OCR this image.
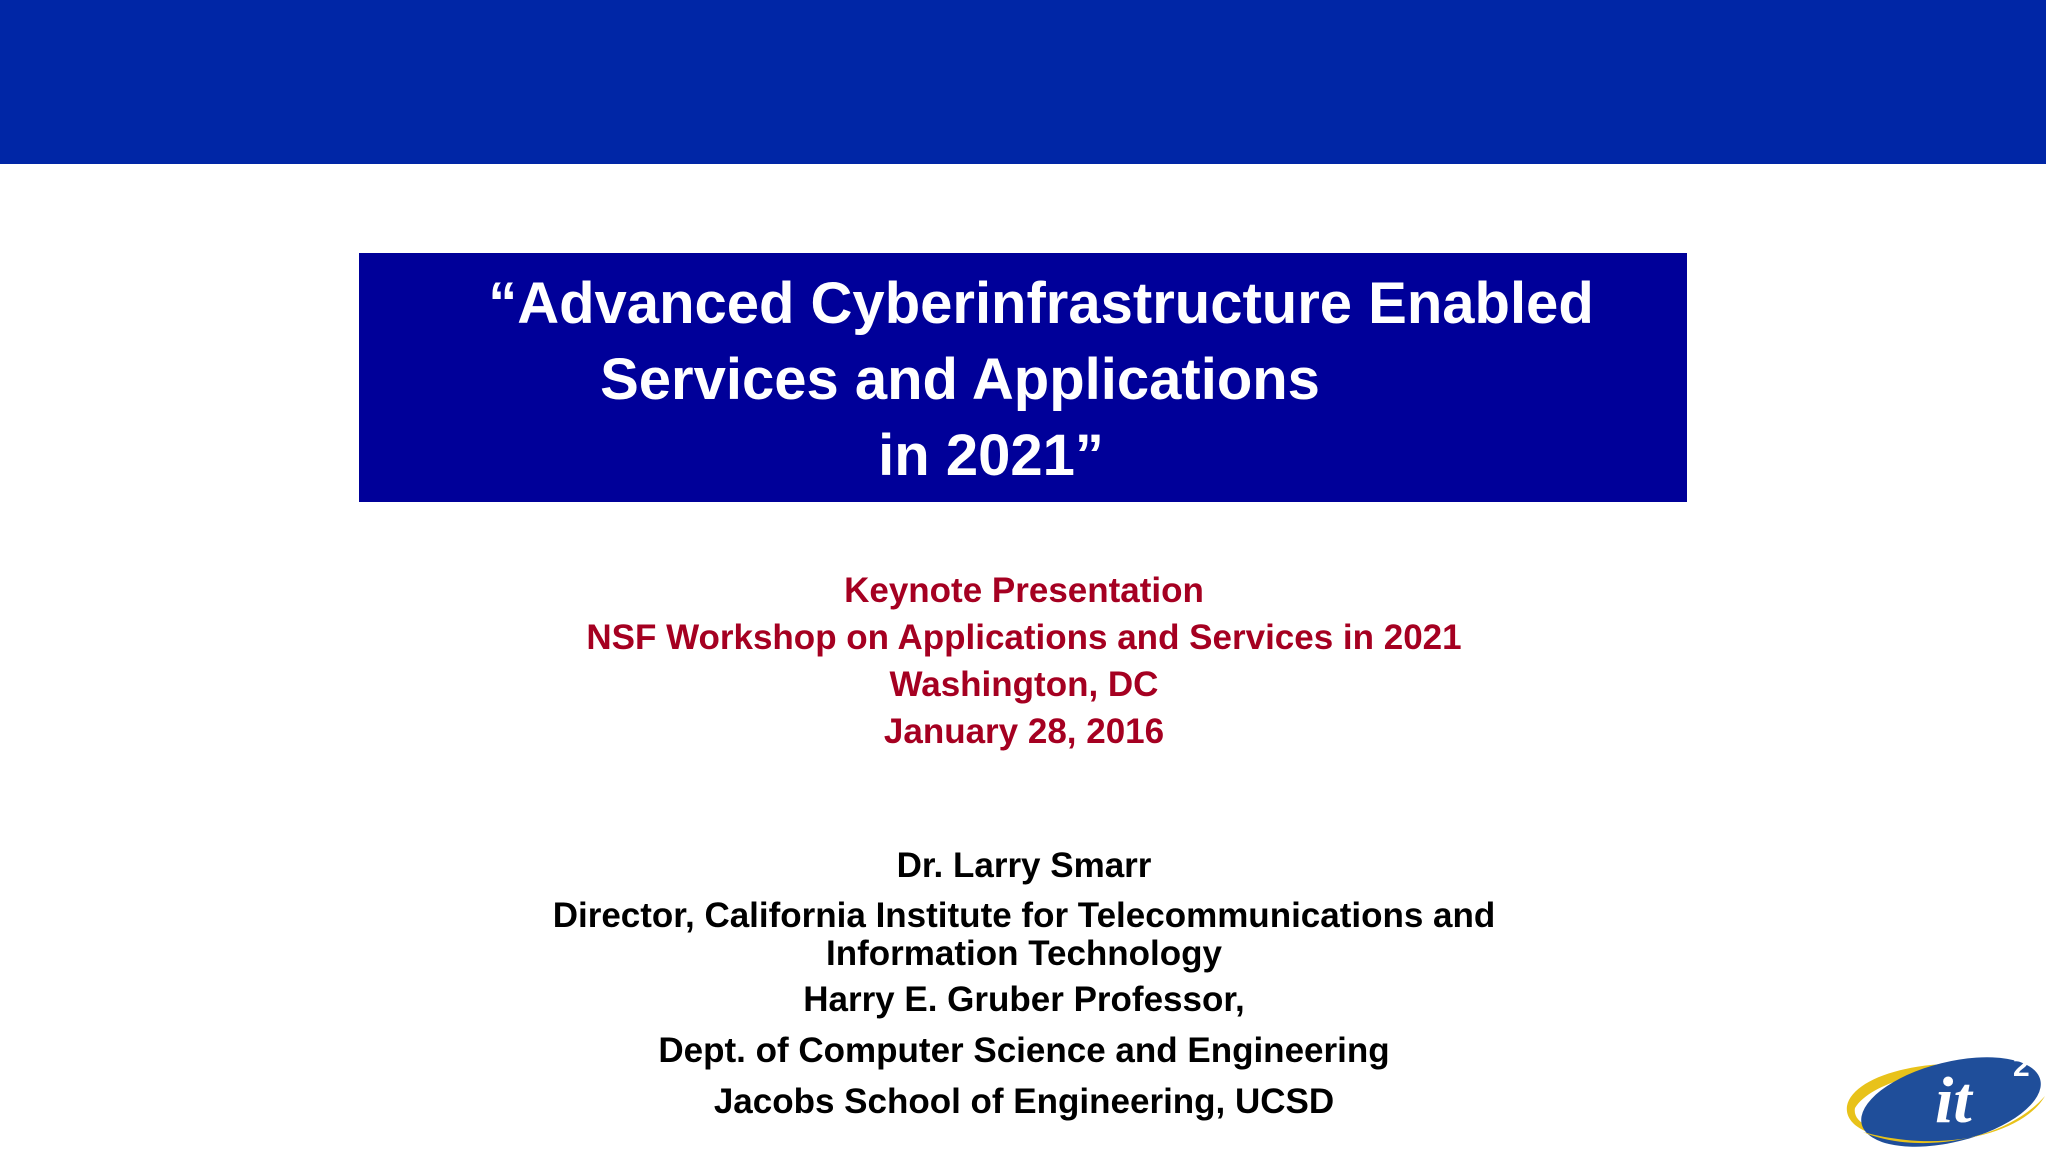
“Advanced Cyberinfrastructure Enabled
Services and Applications
in 2021”
Keynote Presentation
NSF Workshop on Applications and Services in 2021
Washington, DC
January 28, 2016
Dr. Larry Smarr
Director, California Institute for Telecommunications and
Information Technology
Harry E. Gruber Professor,
Dept. of Computer Science and Engineering
Jacobs School of Engineering, UCSD	it 2
